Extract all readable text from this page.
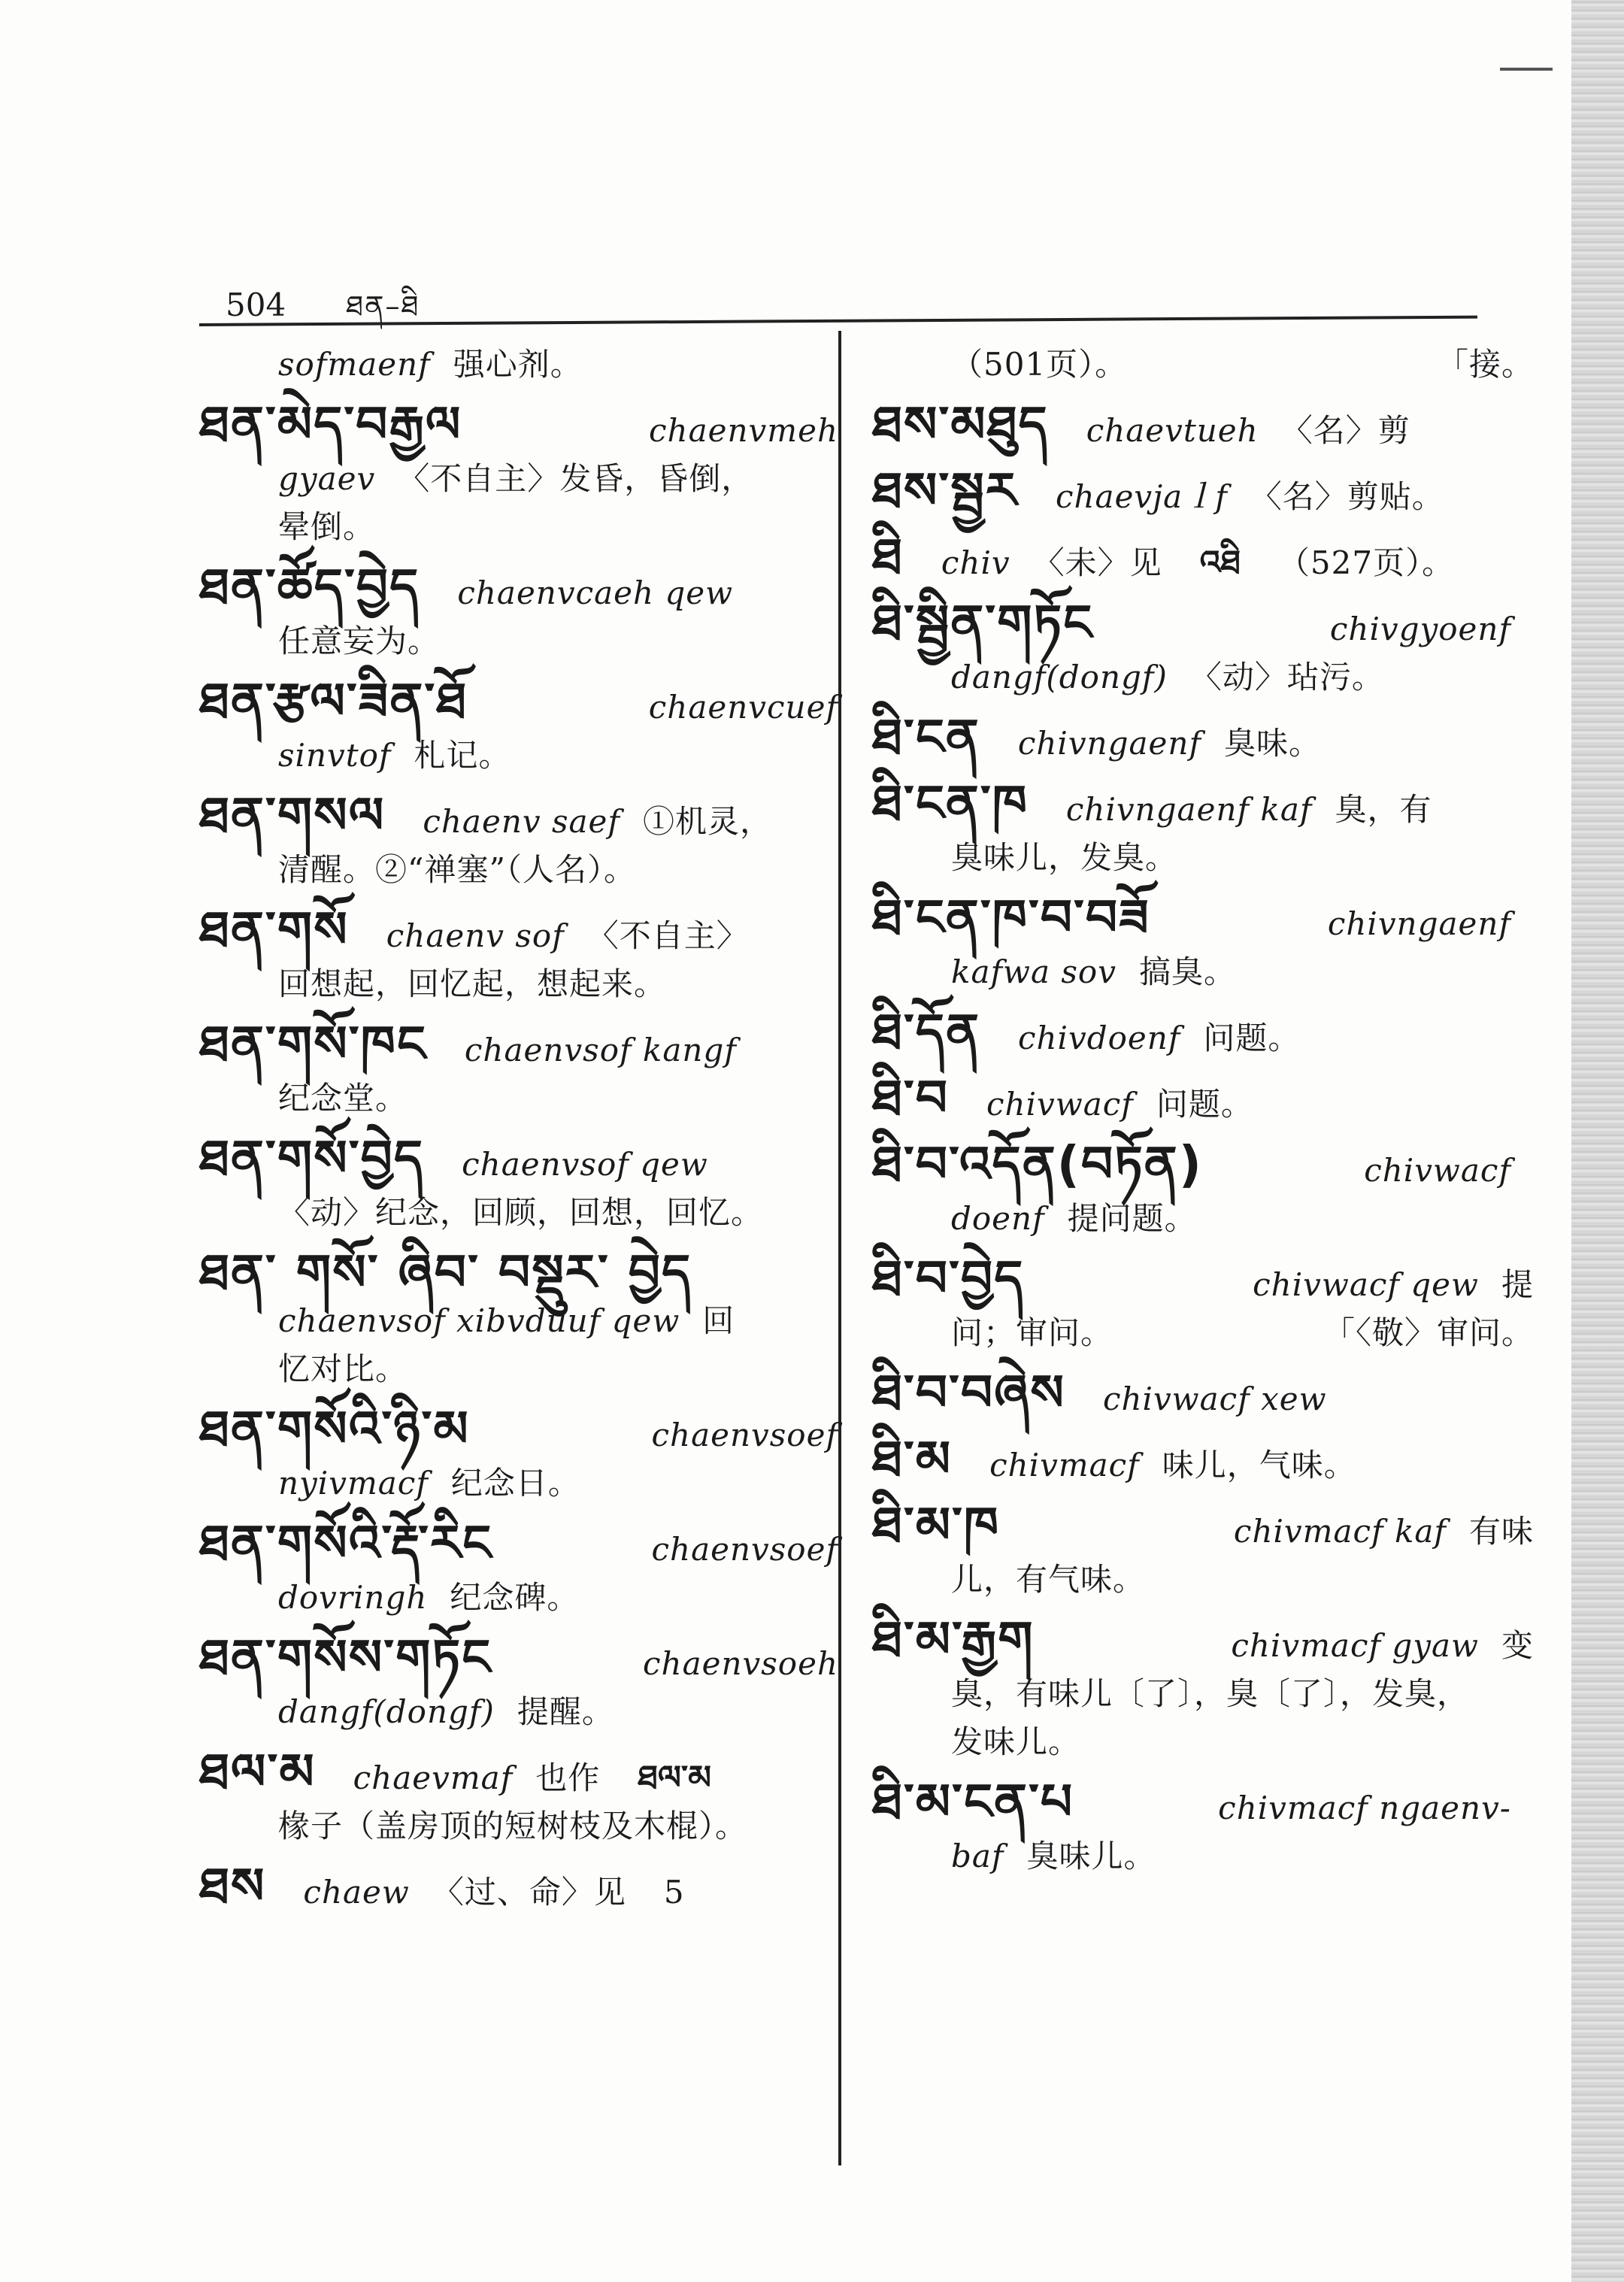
504 ཐན–ཐི
sofmaenf 强心剂。
ཐན་མེད་བརྒྱལ	chaenvmeh
gyaev 〈不自主〉发昏，昏倒，
晕倒。
ཐན་ཚོད་བྱེད chaenvcaeh qew
任意妄为。
ཐན་རྩལ་ཟིན་ཐོ	chaenvcuef
sinvtof 札记。
ཐན་གསལ chaenv saef ①机灵，
清醒。②“禅塞”（人名）。
ཐན་གསོ chaenv sof 〈不自主〉
回想起，回忆起，想起来。
ཐན་གསོ་ཁང chaenvsof kangf
纪念堂。
ཐན་གསོ་བྱེད chaenvsof qew
〈动〉纪念，回顾，回想，回忆。
ཐན་ གསོ་ ཞིབ་ བསྡུར་ བྱེད
chaenvsof xibvduuf qew 回
忆对比。
ཐན་གསོའི་ཉི་མ	chaenvsoef
nyivmacf 纪念日。
ཐན་གསོའི་རྡོ་རིང	chaenvsoef
dovringh 纪念碑。
ཐན་གསོས་གཏོང	chaenvsoeh
dangf(dongf) 提醒。
ཐལ་མ chaevmaf 也作 ཐལ་མ
椽子（盖房顶的短树枝及木棍）。
ཐས chaew 〈过、命〉见 5
（501页）。	「接。
ཐས་མཐུད chaevtueh 〈名〉剪
ཐས་སྦྱར chaevjaｌf 〈名〉剪贴。
ཐི chiv 〈未〉见 འཐི （527页）。
ཐི་སྦྱིན་གཏོང	chivgyoenf
dangf(dongf) 〈动〉玷污。
ཐི་ངན chivngaenf 臭味。
ཐི་ངན་ཁ chivngaenf kaf 臭，有
臭味儿，发臭。
ཐི་ངན་ཁ་བ་བཟོ	chivngaenf
kafwa sov 搞臭。
ཐི་དོན chivdoenf 问题。
ཐི་བ chivwacf 问题。
ཐི་བ་འདོན(བཏོན)	chivwacf
doenf 提问题。
ཐི་བ་བྱེད	chivwacf qew 提
问；审问。	「〈敬〉审问。
ཐི་བ་བཞེས chivwacf xew
ཐི་མ chivmacf 味儿，气味。
ཐི་མ་ཁ	chivmacf kaf 有味
儿，有气味。
ཐི་མ་རྒྱག	chivmacf gyaw 变
臭，有味儿〔了〕，臭〔了〕，发臭，
发味儿。
ཐི་མ་ངན་པ	chivmacf ngaenv-
baf 臭味儿。
